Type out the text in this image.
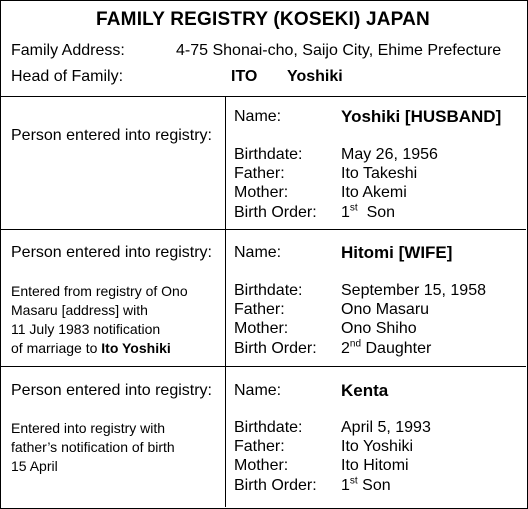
FAMILY REGISTRY (KOSEKI) JAPAN
Family Address:	4-75 Shonai-cho, Saijo City, Ehime Prefecture
Head of Family:	ITO Yoshiki
Person entered into registry:
Name:	Yoshiki [HUSBAND]
Birthdate: May 26, 1956
Father:	Ito Takeshi
Mother:	Ito Akemi
Birth Order: 1st Son
Person entered into registry:
Entered from registry of Ono
Masaru [address] with
11 July 1983 notification
of marriage to Ito Yoshiki
Name:	Hitomi [WIFE]
Birthdate: September 15, 1958
Father:	Ono Masaru
Mother:	Ono Shiho
Birth Order: 2nd Daughter
Person entered into registry:
Entered into registry with
father’s notification of birth
15 April
Name:	Kenta
Birthdate: April 5, 1993
Father:	Ito Yoshiki
Mother:	Ito Hitomi
Birth Order: 1st Son
